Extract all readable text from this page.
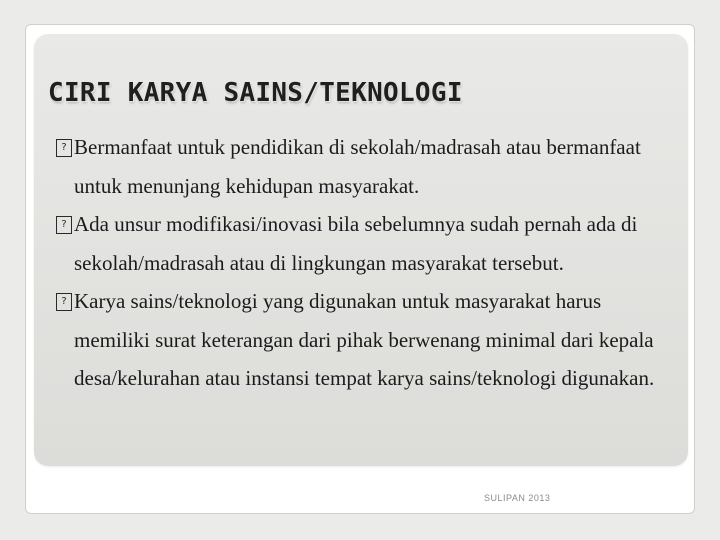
CIRI KARYA SAINS/TEKNOLOGI
? Bermanfaat untuk pendidikan di sekolah/madrasah atau bermanfaat untuk menunjang kehidupan masyarakat.
? Ada unsur modifikasi/inovasi bila sebelumnya sudah pernah ada di sekolah/madrasah atau di lingkungan masyarakat tersebut.
? Karya sains/teknologi yang digunakan untuk masyarakat harus memiliki surat keterangan dari pihak berwenang minimal dari kepala desa/kelurahan atau instansi tempat karya sains/teknologi digunakan.
SULIPAN 2013
